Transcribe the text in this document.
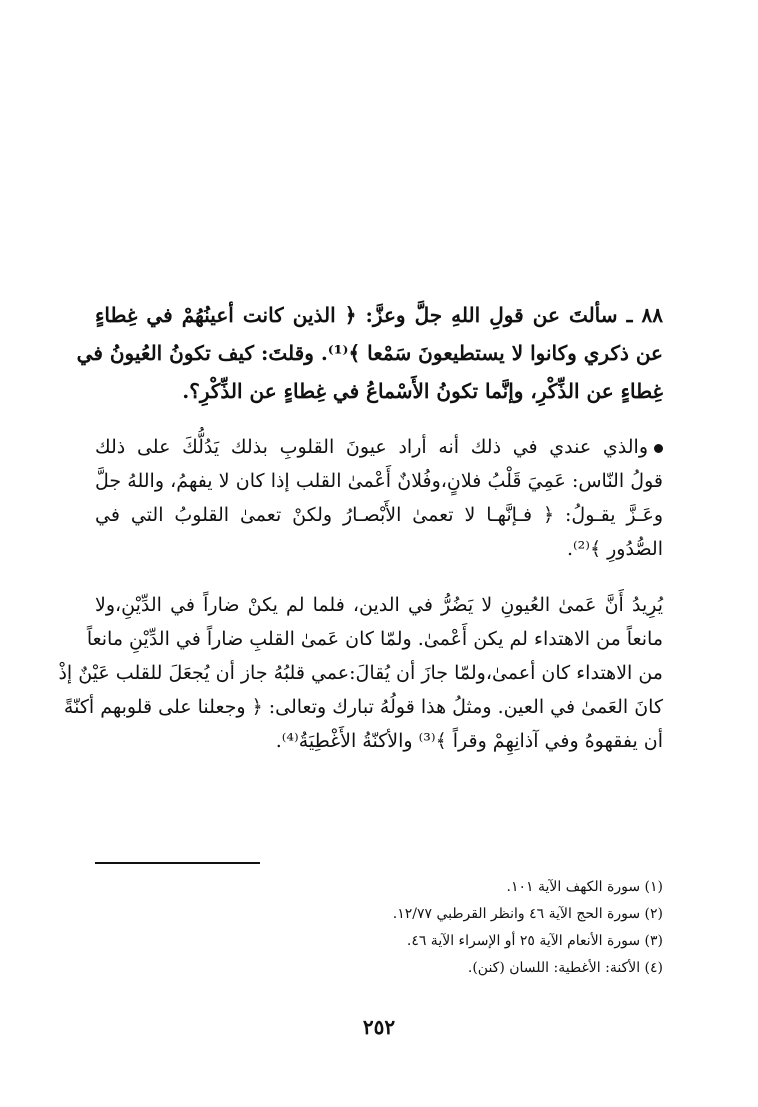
٨٨ ـ سألتَ عن قولِ اللهِ جلَّ وعزَّ: ﴿ الذين كانت أعينُهُمْ في غِطاءٍ
عن ذكري وكانوا لا يستطيعونَ سَمْعا ﴾⁽¹⁾. وقلتَ: كيف تكونُ العُيونُ في
غِطاءٍ عن الذِّكْرِ، وإنَّما تكونُ الأَسْماعُ في غِطاءٍ عن الذِّكْرِ؟.
والذي عندي في ذلك أنه أراد عيونَ القلوبِ بذلك يَدُلُّكَ على ذلك
قولُ النّاس: عَمِيَ قَلْبُ فلانٍ،وفُلانٌ أَعْمىٰ القلب إذا كان لا يفهمُ، واللهُ جلَّ
وعَـزَّ يقـولُ: ﴿ فـإنَّهـا لا تعمىٰ الأَبْصـارُ ولكنْ تعمىٰ القلوبُ التي في
الصُّدُورِ ﴾⁽²⁾.
يُرِيدُ أَنَّ عَمىٰ العُيونِ لا يَضُرُّ في الدين، فلما لم يكنْ ضاراً في الدِّيْنِ،ولا
مانعاً من الاهتداء لم يكن أَعْمىٰ. ولمّا كان عَمىٰ القلبِ ضاراً في الدِّيْنِ مانعاً
من الاهتداء كان أعمىٰ،ولمّا جازَ أن يُقالَ:عمي قلبُهُ جاز أن يُجعَلَ للقلب عَيْنٌ إذْ
كانَ العَمىٰ في العين. ومثلُ هذا قولُهُ تبارك وتعالى: ﴿ وجعلنا على قلوبهم أكنّةً
أن يفقهوهُ وفي آذانِهِمْ وقراً ﴾⁽³⁾ والأكنّةُ الأَغْطِيَةُ⁽⁴⁾.
(١) سورة الكهف الآية ١٠١.
(٢) سورة الحج الآية ٤٦ وانظر القرطبي ١٢/٧٧.
(٣) سورة الأنعام الآية ٢٥ أو الإسراء الآية ٤٦.
(٤) الأكنة: الأغطية: اللسان (كنن).
٢٥٢
